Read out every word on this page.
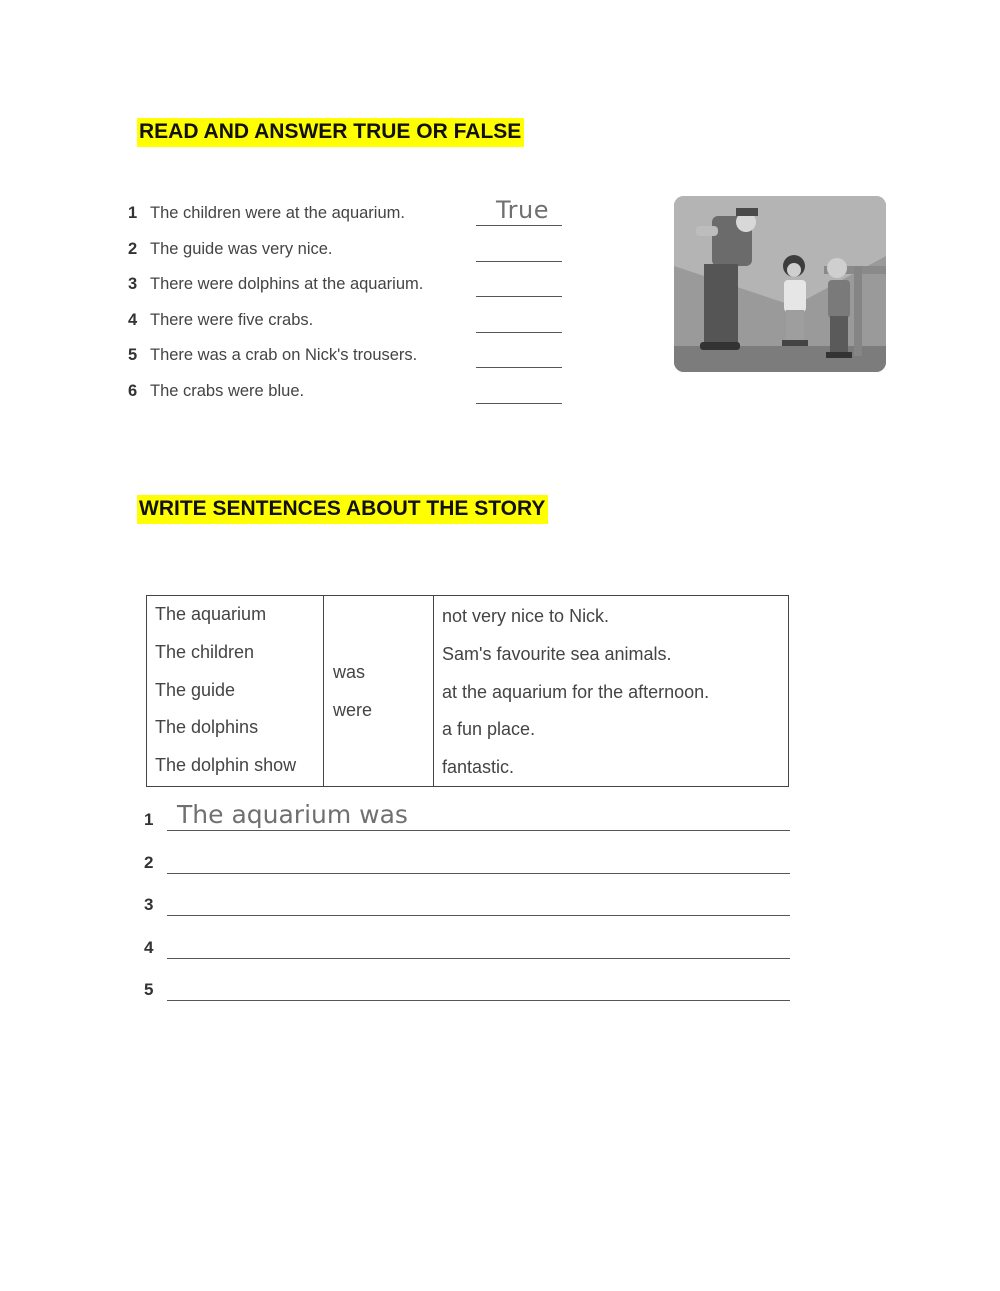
READ AND ANSWER TRUE OR FALSE
1 The children were at the aquarium.	True
2 The guide was very nice.
3 There were dolphins at the aquarium.
4 There were five crabs.
5 There was a crab on Nick's trousers.
6 The crabs were blue.
WRITE SENTENCES ABOUT THE STORY
The aquarium
The children
The guide
The dolphins
The dolphin show
was
were
not very nice to Nick.
Sam's favourite sea animals.
at the aquarium for the afternoon.
a fun place.
fantastic.
1 The aquarium was
2
3
4
5
